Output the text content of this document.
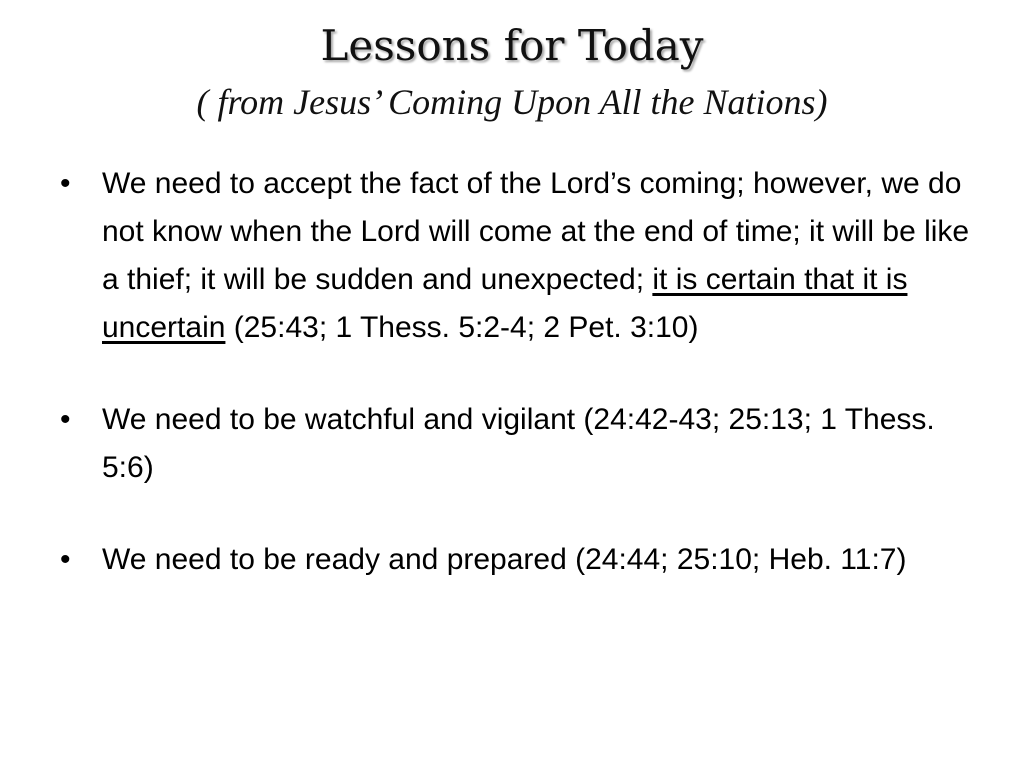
Lessons for Today
( from Jesus’ Coming Upon All the Nations)
• We need to accept the fact of the Lord’s coming; however, we do not know when the Lord will come at the end of time; it will be like a thief; it will be sudden and unexpected; it is certain that it is uncertain (25:43; 1 Thess. 5:2-4; 2 Pet. 3:10)
• We need to be watchful and vigilant (24:42-43; 25:13; 1 Thess. 5:6)
• We need to be ready and prepared (24:44; 25:10; Heb. 11:7)
